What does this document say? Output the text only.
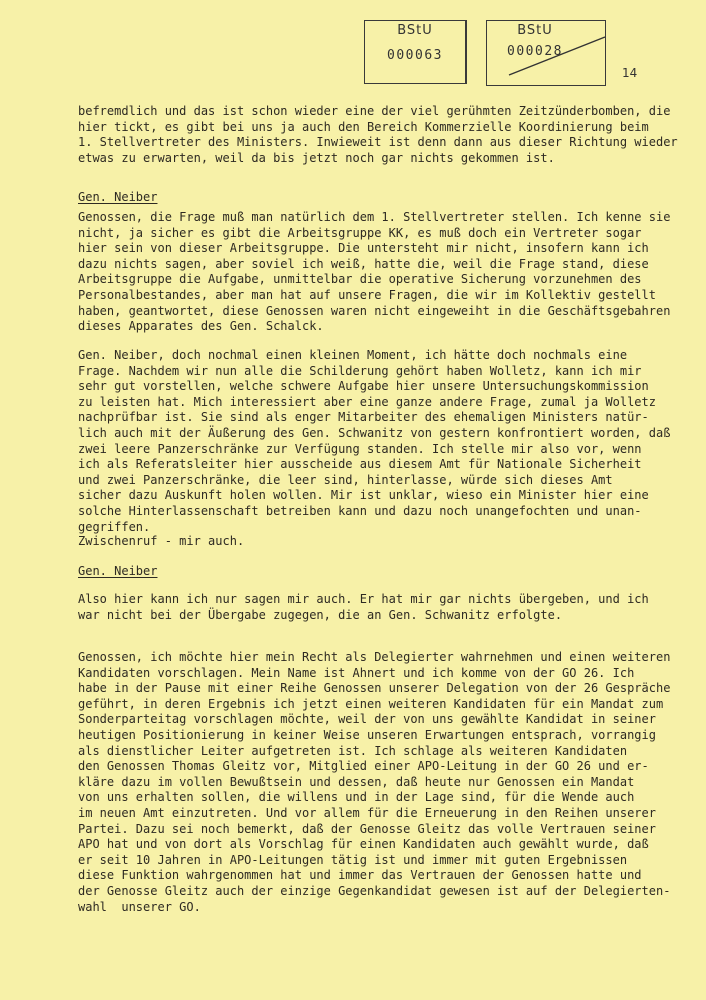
BStU
000063
BStU
000028
14
befremdlich und das ist schon wieder eine der viel gerühmten Zeitzünderbomben, die
hier tickt, es gibt bei uns ja auch den Bereich Kommerzielle Koordinierung beim
1. Stellvertreter des Ministers. Inwieweit ist denn dann aus dieser Richtung wieder
etwas zu erwarten, weil da bis jetzt noch gar nichts gekommen ist.
Gen. Neiber
Genossen, die Frage muß man natürlich dem 1. Stellvertreter stellen. Ich kenne sie
nicht, ja sicher es gibt die Arbeitsgruppe KK, es muß doch ein Vertreter sogar
hier sein von dieser Arbeitsgruppe. Die untersteht mir nicht, insofern kann ich
dazu nichts sagen, aber soviel ich weiß, hatte die, weil die Frage stand, diese
Arbeitsgruppe die Aufgabe, unmittelbar die operative Sicherung vorzunehmen des
Personalbestandes, aber man hat auf unsere Fragen, die wir im Kollektiv gestellt
haben, geantwortet, diese Genossen waren nicht eingeweiht in die Geschäftsgebahren
dieses Apparates des Gen. Schalck.
Gen. Neiber, doch nochmal einen kleinen Moment, ich hätte doch nochmals eine
Frage. Nachdem wir nun alle die Schilderung gehört haben Wolletz, kann ich mir
sehr gut vorstellen, welche schwere Aufgabe hier unsere Untersuchungskommission
zu leisten hat. Mich interessiert aber eine ganze andere Frage, zumal ja Wolletz
nachprüfbar ist. Sie sind als enger Mitarbeiter des ehemaligen Ministers natür-
lich auch mit der Äußerung des Gen. Schwanitz von gestern konfrontiert worden, daß
zwei leere Panzerschränke zur Verfügung standen. Ich stelle mir also vor, wenn
ich als Referatsleiter hier ausscheide aus diesem Amt für Nationale Sicherheit
und zwei Panzerschränke, die leer sind, hinterlasse, würde sich dieses Amt
sicher dazu Auskunft holen wollen. Mir ist unklar, wieso ein Minister hier eine
solche Hinterlassenschaft betreiben kann und dazu noch unangefochten und unan-
gegriffen.
Zwischenruf - mir auch.
Gen. Neiber
Also hier kann ich nur sagen mir auch. Er hat mir gar nichts übergeben, und ich
war nicht bei der Übergabe zugegen, die an Gen. Schwanitz erfolgte.
Genossen, ich möchte hier mein Recht als Delegierter wahrnehmen und einen weiteren
Kandidaten vorschlagen. Mein Name ist Ahnert und ich komme von der GO 26. Ich
habe in der Pause mit einer Reihe Genossen unserer Delegation von der 26 Gespräche
geführt, in deren Ergebnis ich jetzt einen weiteren Kandidaten für ein Mandat zum
Sonderparteitag vorschlagen möchte, weil der von uns gewählte Kandidat in seiner
heutigen Positionierung in keiner Weise unseren Erwartungen entsprach, vorrangig
als dienstlicher Leiter aufgetreten ist. Ich schlage als weiteren Kandidaten
den Genossen Thomas Gleitz vor, Mitglied einer APO-Leitung in der GO 26 und er-
kläre dazu im vollen Bewußtsein und dessen, daß heute nur Genossen ein Mandat
von uns erhalten sollen, die willens und in der Lage sind, für die Wende auch
im neuen Amt einzutreten. Und vor allem für die Erneuerung in den Reihen unserer
Partei. Dazu sei noch bemerkt, daß der Genosse Gleitz das volle Vertrauen seiner
APO hat und von dort als Vorschlag für einen Kandidaten auch gewählt wurde, daß
er seit 10 Jahren in APO-Leitungen tätig ist und immer mit guten Ergebnissen
diese Funktion wahrgenommen hat und immer das Vertrauen der Genossen hatte und
der Genosse Gleitz auch der einzige Gegenkandidat gewesen ist auf der Delegierten-
wahl  unserer GO.
